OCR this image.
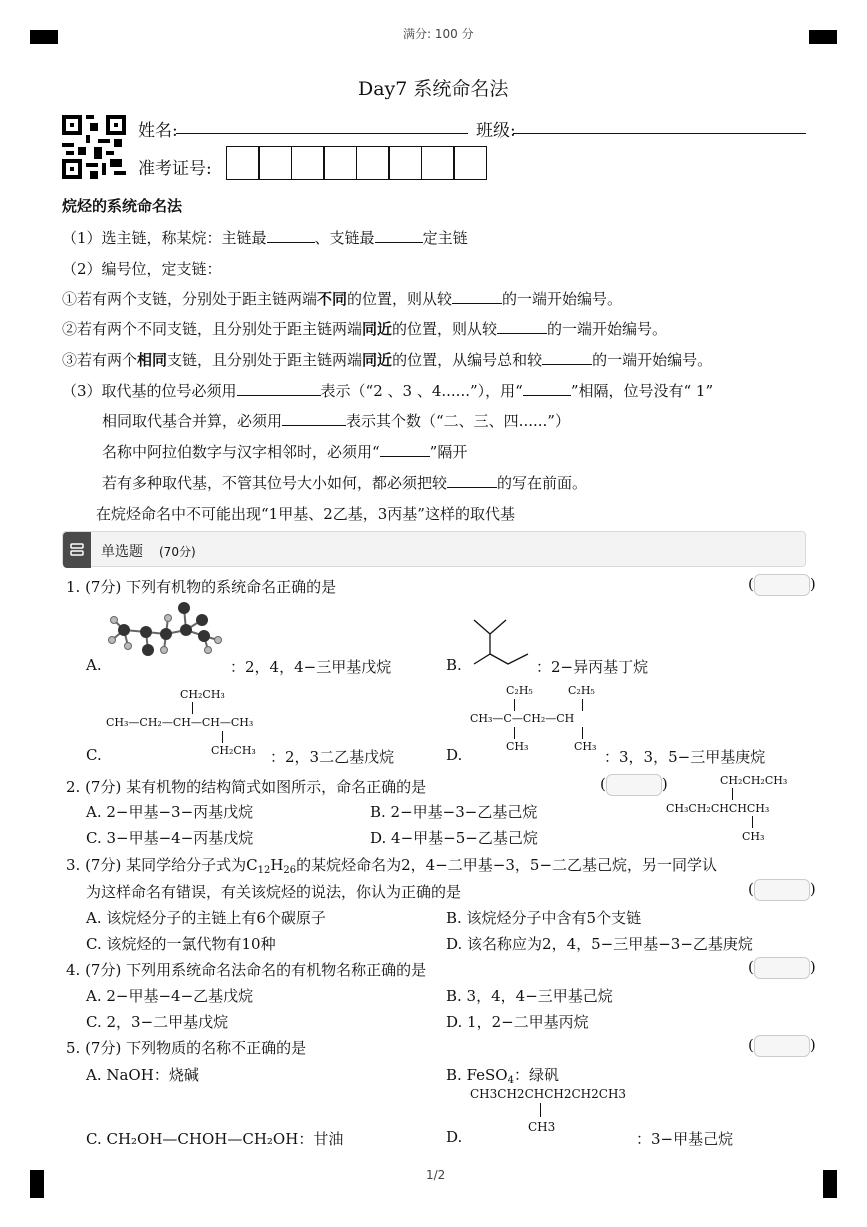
满分: 100 分
Day7 系统命名法
姓名:	班级:
准考证号:
烷烃的系统命名法
（1）选主链，称某烷：主链最	、支链最	定主链
（2）编号位，定支链：
①若有两个支链，分别处于距主链两端不同的位置，则从较	的一端开始编号。
②若有两个不同支链，且分别处于距主链两端同近的位置，则从较	的一端开始编号。
③若有两个相同支链，且分别处于距主链两端同近的位置，从编号总和较	的一端开始编号。
（3）取代基的位号必须用	表示（“2 、3 、4......”），用“	”相隔，位号没有“ 1”
相同取代基合并算，必须用	表示其个数（“二、三、四......”）
名称中阿拉伯数字与汉字相邻时，必须用“	”隔开
若有多种取代基，不管其位号大小如何，都必须把较	的写在前面。
在烷烃命名中不可能出现“1甲基、2乙基，3丙基”这样的取代基
单选题 (70分)
1. (7分) 下列有机物的系统命名正确的是	(	)
A.	：2，4，4−三甲基戊烷	B.	：2−异丙基丁烷
C.
CH₂CH₃
CH₃—CH₂—CH—CH—CH₃
CH₂CH₃ ：2，3二乙基戊烷	D.
C₂H₅	C₂H₅
CH₃—C—CH₂—CH
CH₃	CH₃
：3，3，5−三甲基庚烷
2. (7分) 某有机物的结构简式如图所示，命名正确的是	(	)	CH₂CH₂CH₃
CH₃CH₂CHCHCH₃
CH₃
A. 2−甲基−3−丙基戊烷	B. 2−甲基−3−乙基己烷
C. 3−甲基−4−丙基戊烷	D. 4−甲基−5−乙基己烷
3. (7分) 某同学给分子式为$C_{12}H_{26}$的某烷烃命名为2，4−二甲基−3，5−二乙基己烷，另一同学认
为这样命名有错误，有关该烷烃的说法，你认为正确的是	(	)
A. 该烷烃分子的主链上有6个碳原子	B. 该烷烃分子中含有5个支链
C. 该烷烃的一氯代物有10种	D. 该名称应为2，4，5−三甲基−3−乙基庚烷
4. (7分) 下列用系统命名法命名的有机物名称正确的是	(	)
A. 2−甲基−4−乙基戊烷	B. 3，4，4−三甲基己烷
C. 2，3−二甲基戊烷	D. 1，2−二甲基丙烷
5. (7分) 下列物质的名称不正确的是	(	)
A. NaOH：烧碱	B. FeSO$_4$：绿矾
CH3CH2CHCH2CH2CH3
CH3
C. CH₂OH—CHOH—CH₂OH：甘油	D.	：3−甲基己烷
1/2
